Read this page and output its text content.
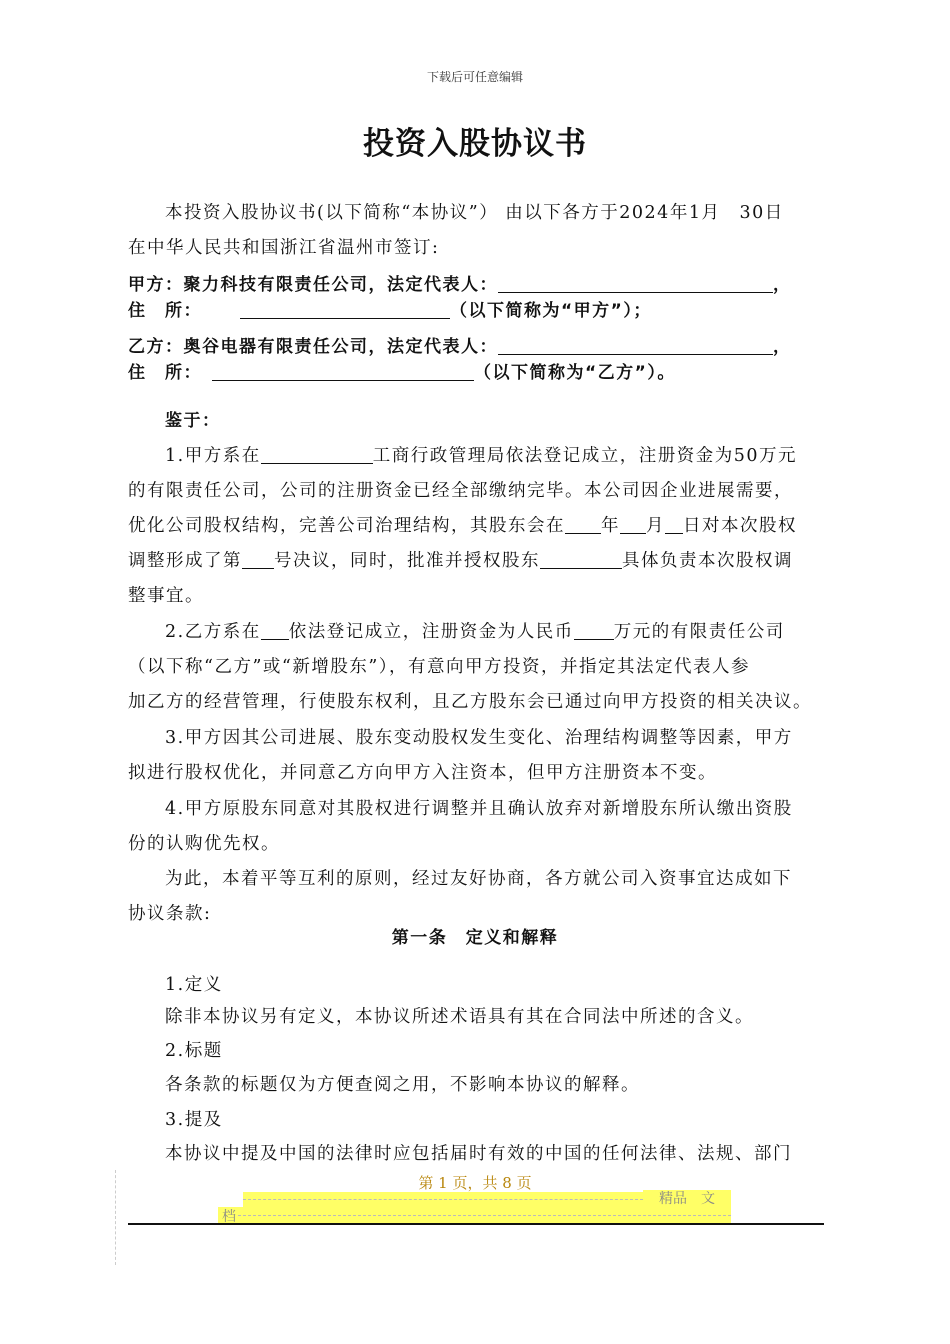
下载后可任意编辑
投资入股协议书
本投资入股协议书(以下简称“本协议”） 由以下各方于2024年1月　30日
在中华人民共和国浙江省温州市签订:
甲方：聚力科技有限责任公司，法定代表人：	，
住　所：	（以下简称为“甲方”）；
乙方：奥谷电器有限责任公司，法定代表人：	，
住　所：	（以下简称为“乙方”）。
鉴于：
1.甲方系在	工商行政管理局依法登记成立，注册资金为50万元
的有限责任公司，公司的注册资金已经全部缴纳完毕。本公司因企业进展需要，
优化公司股权结构，完善公司治理结构，其股东会在 年 月 日对本次股权
调整形成了第 号决议，同时，批准并授权股东	具体负责本次股权调
整事宜。
2.乙方系在 依法登记成立，注册资金为人民币 万元的有限责任公司
（以下称“乙方”或“新增股东”），有意向甲方投资，并指定其法定代表人参
加乙方的经营管理，行使股东权利，且乙方股东会已通过向甲方投资的相关决议。
3.甲方因其公司进展、股东变动股权发生变化、治理结构调整等因素，甲方
拟进行股权优化，并同意乙方向甲方入注资本，但甲方注册资本不变。
4.甲方原股东同意对其股权进行调整并且确认放弃对新增股东所认缴出资股
份的认购优先权。
为此，本着平等互利的原则，经过友好协商，各方就公司入资事宜达成如下
协议条款:
第一条　定义和解释
1.定义
除非本协议另有定义，本协议所述术语具有其在合同法中所述的含义。
2.标题
各条款的标题仅为方便查阅之用，不影响本协议的解释。
3.提及
本协议中提及中国的法律时应包括届时有效的中国的任何法律、法规、部门
第 1 页，共 8 页
精品　文
档
